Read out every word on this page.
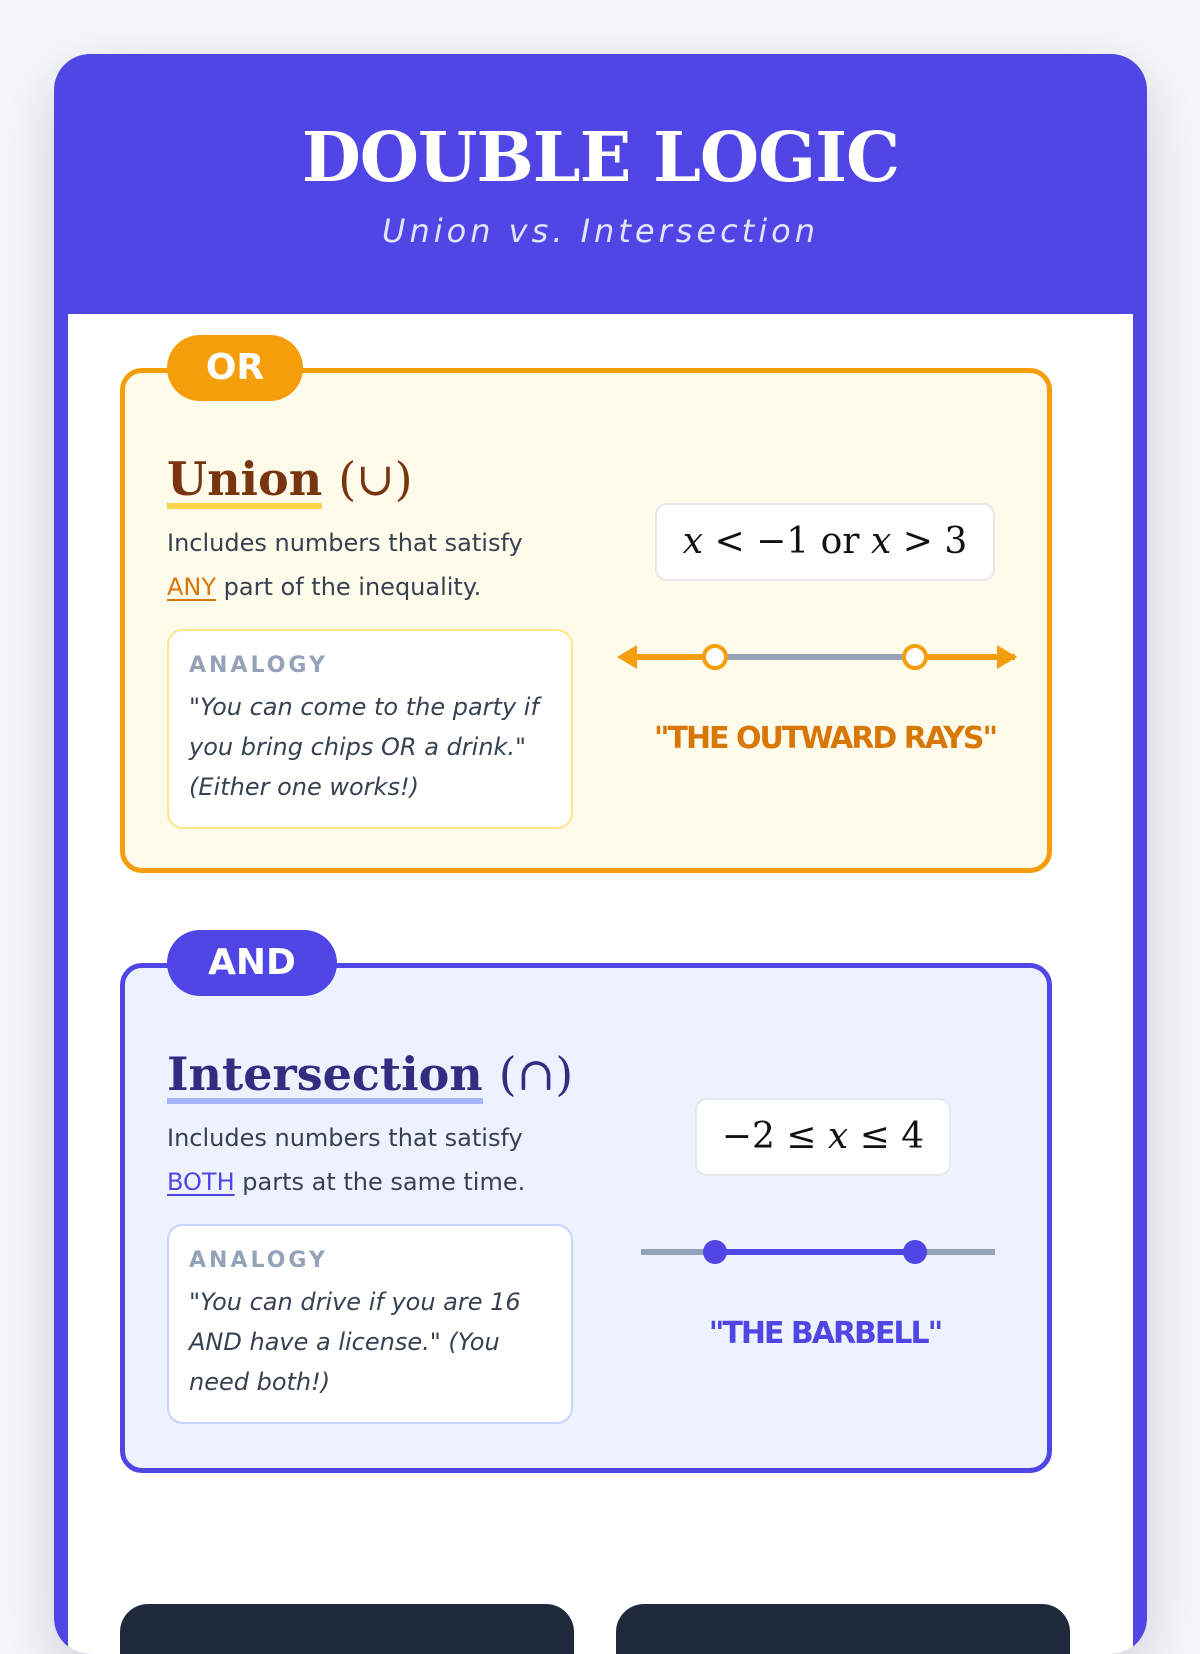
DOUBLE LOGIC
Union vs. Intersection
OR
Union (∪)
Includes numbers that satisfy
ANY part of the inequality.
ANALOGY
"You can come to the party if you bring chips OR a drink." (Either one works!)
x < −1 or x > 3
"THE OUTWARD RAYS"
AND
Intersection (∩)
Includes numbers that satisfy
BOTH parts at the same time.
ANALOGY
"You can drive if you are 16 AND have a license." (You need both!)
−2 ≤ x ≤ 4
"THE BARBELL"
